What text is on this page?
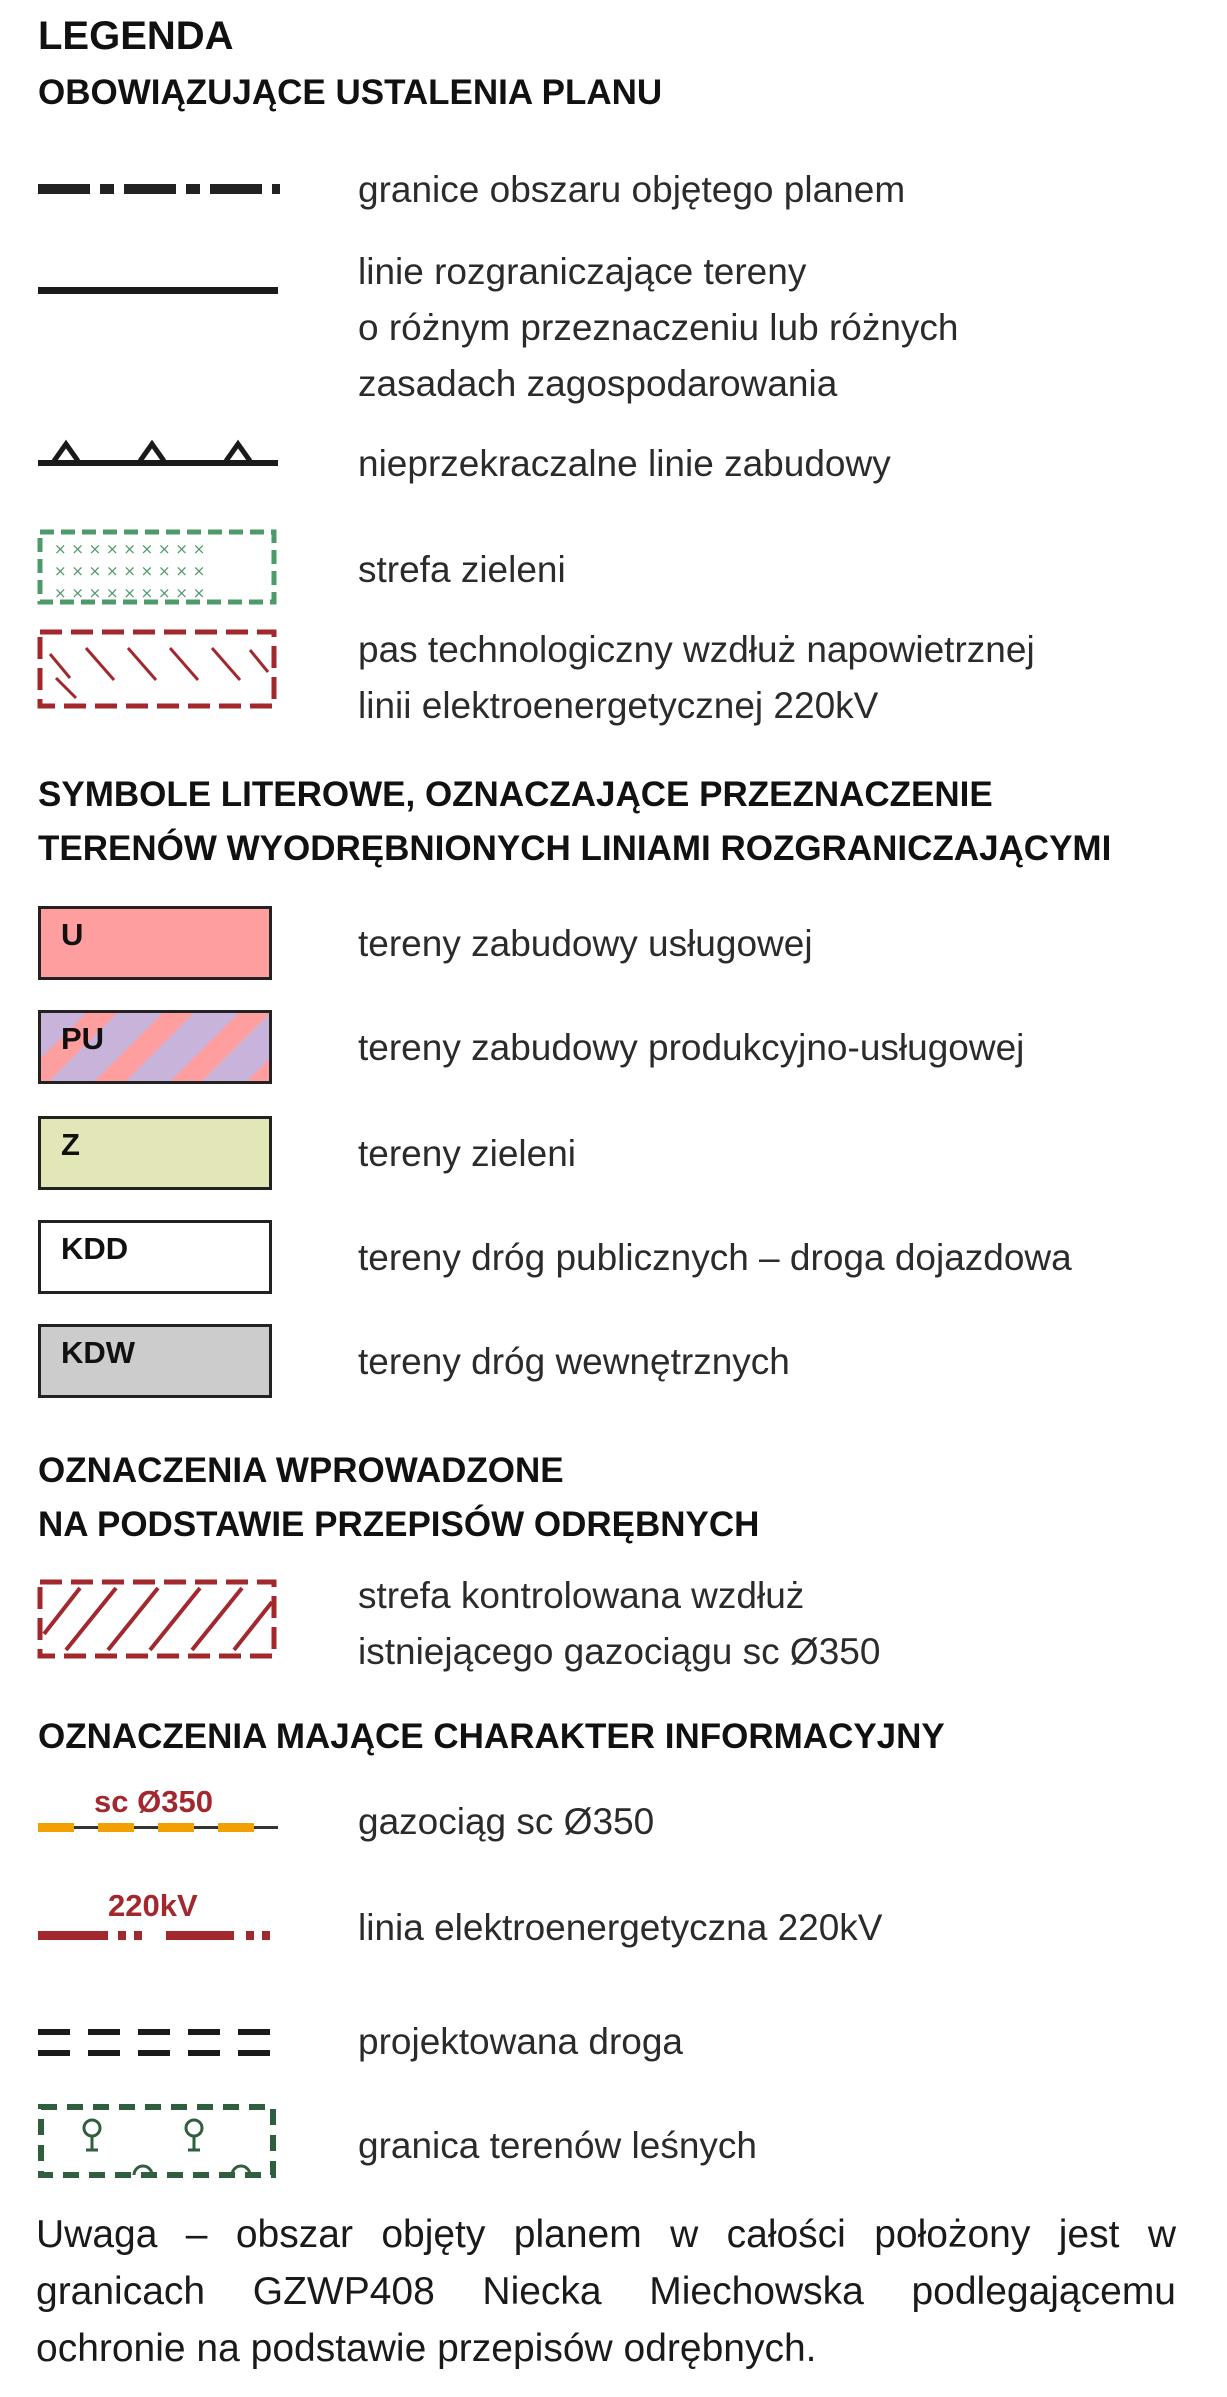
LEGENDA
OBOWIĄZUJĄCE USTALENIA PLANU
granice obszaru objętego planem
linie rozgraniczające tereny
o różnym przeznaczeniu lub różnych
zasadach zagospodarowania
nieprzekraczalne linie zabudowy
× × × × × × × × ×
× × × × × × × × ×
× × × × × × × × ×
strefa zieleni
pas technologiczny wzdłuż napowietrznej
linii elektroenergetycznej 220kV
SYMBOLE LITEROWE, OZNACZAJĄCE PRZEZNACZENIE
TERENÓW WYODRĘBNIONYCH LINIAMI ROZGRANICZAJĄCYMI
U	tereny zabudowy usługowej
PU	tereny zabudowy produkcyjno-usługowej
Z	tereny zieleni
KDD	tereny dróg publicznych – droga dojazdowa
KDW	tereny dróg wewnętrznych
OZNACZENIA WPROWADZONE
NA PODSTAWIE PRZEPISÓW ODRĘBNYCH
strefa kontrolowana wzdłuż
istniejącego gazociągu sc Ø350
OZNACZENIA MAJĄCE CHARAKTER INFORMACYJNY
sc Ø350	gazociąg sc Ø350
220kV
linia elektroenergetyczna 220kV
projektowana droga
granica terenów leśnych
Uwaga – obszar objęty planem w całości położony jest w granicach GZWP408 Niecka Miechowska podlegającemu ochronie na podstawie przepisów odrębnych.
